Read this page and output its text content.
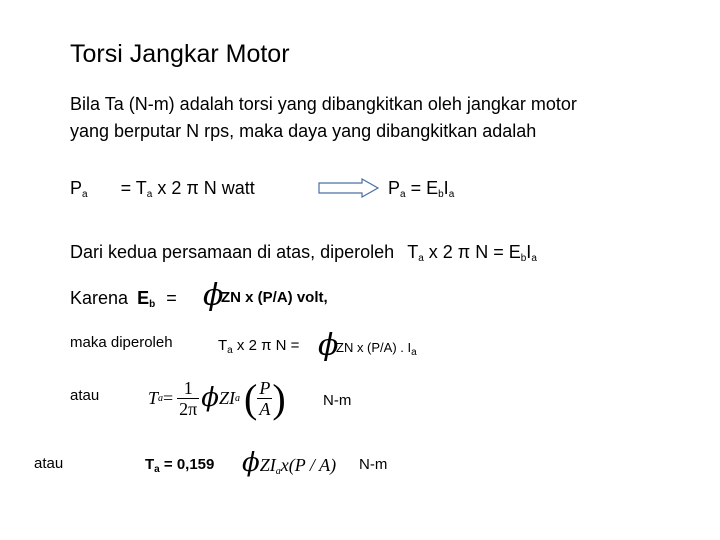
Torsi Jangkar Motor
Bila Ta (N-m) adalah torsi yang dibangkitkan oleh jangkar motor
yang berputar N rps, maka daya yang dibangkitkan adalah
$P_a = T_a$ x 2 π N watt	$P_a = E_bI_a$
Dari kedua persamaan di atas, diperoleh $T_a$ x 2 π $N = E_bI_a$
Karena $E_b = \phi$
ZN x (P/A) volt,
maka diperoleh	$T_a$ x 2 π N = ϕ
ZN x (P/A) . $I_a$
atau	T $a = \frac{1}{2\pi}$ ϕ ZI a ( $\frac{P}{A}$ ) N-m
atau	$T_a = 0,159$ ϕZI$_a$x(P / A) N-m
